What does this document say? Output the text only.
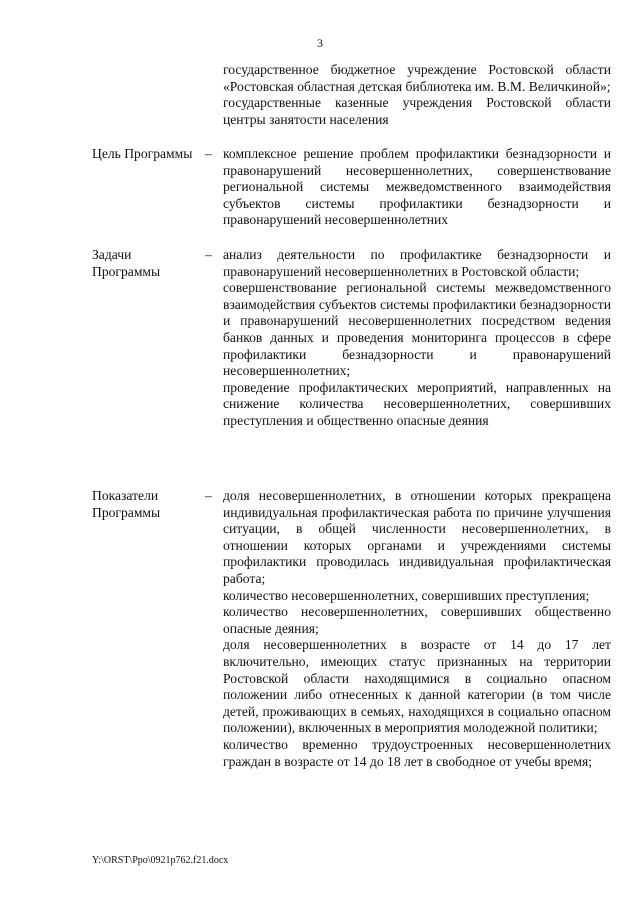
3

государственное бюджетное учреждение Ростовской области «Ростовская областная детская библиотека им. В.М. Величкиной»;

государственные казенные учреждения Ростовской области центры занятости населения

Цель Программы – комплексное решение проблем профилактики безнадзорности и правонарушений несовершеннолетних, совершенствование региональной системы межведомственного взаимодействия субъектов системы профилактики безнадзорности и правонарушений несовершеннолетних

Задачи Программы
– анализ деятельности по профилактике безнадзорности и правонарушений несовершеннолетних в Ростовской области;

совершенствование региональной системы межведомственного взаимодействия субъектов системы профилактики безнадзорности и правонарушений несовершеннолетних посредством ведения банков данных и проведения мониторинга процессов в сфере профилактики безнадзорности и правонарушений несовершеннолетних;

проведение профилактических мероприятий, направленных на снижение количества несовершеннолетних, совершивших преступления и общественно опасные деяния

Показатели Программы
– доля несовершеннолетних, в отношении которых прекращена индивидуальная профилактическая работа по причине улучшения ситуации, в общей численности несовершеннолетних, в отношении которых органами и учреждениями системы профилактики проводилась индивидуальная профилактическая работа;

количество несовершеннолетних, совершивших преступления;

количество несовершеннолетних, совершивших общественно опасные деяния;

доля несовершеннолетних в возрасте от 14 до 17 лет включительно, имеющих статус признанных на территории Ростовской области находящимися в социально опасном положении либо отнесенных к данной категории (в том числе детей, проживающих в семьях, находящихся в социально опасном положении), включенных в мероприятия молодежной политики;

количество временно трудоустроенных несовершеннолетних граждан в возрасте от 14 до 18 лет в свободное от учебы время;

Y:\ORST\Ppo\0921p762.f21.docx
